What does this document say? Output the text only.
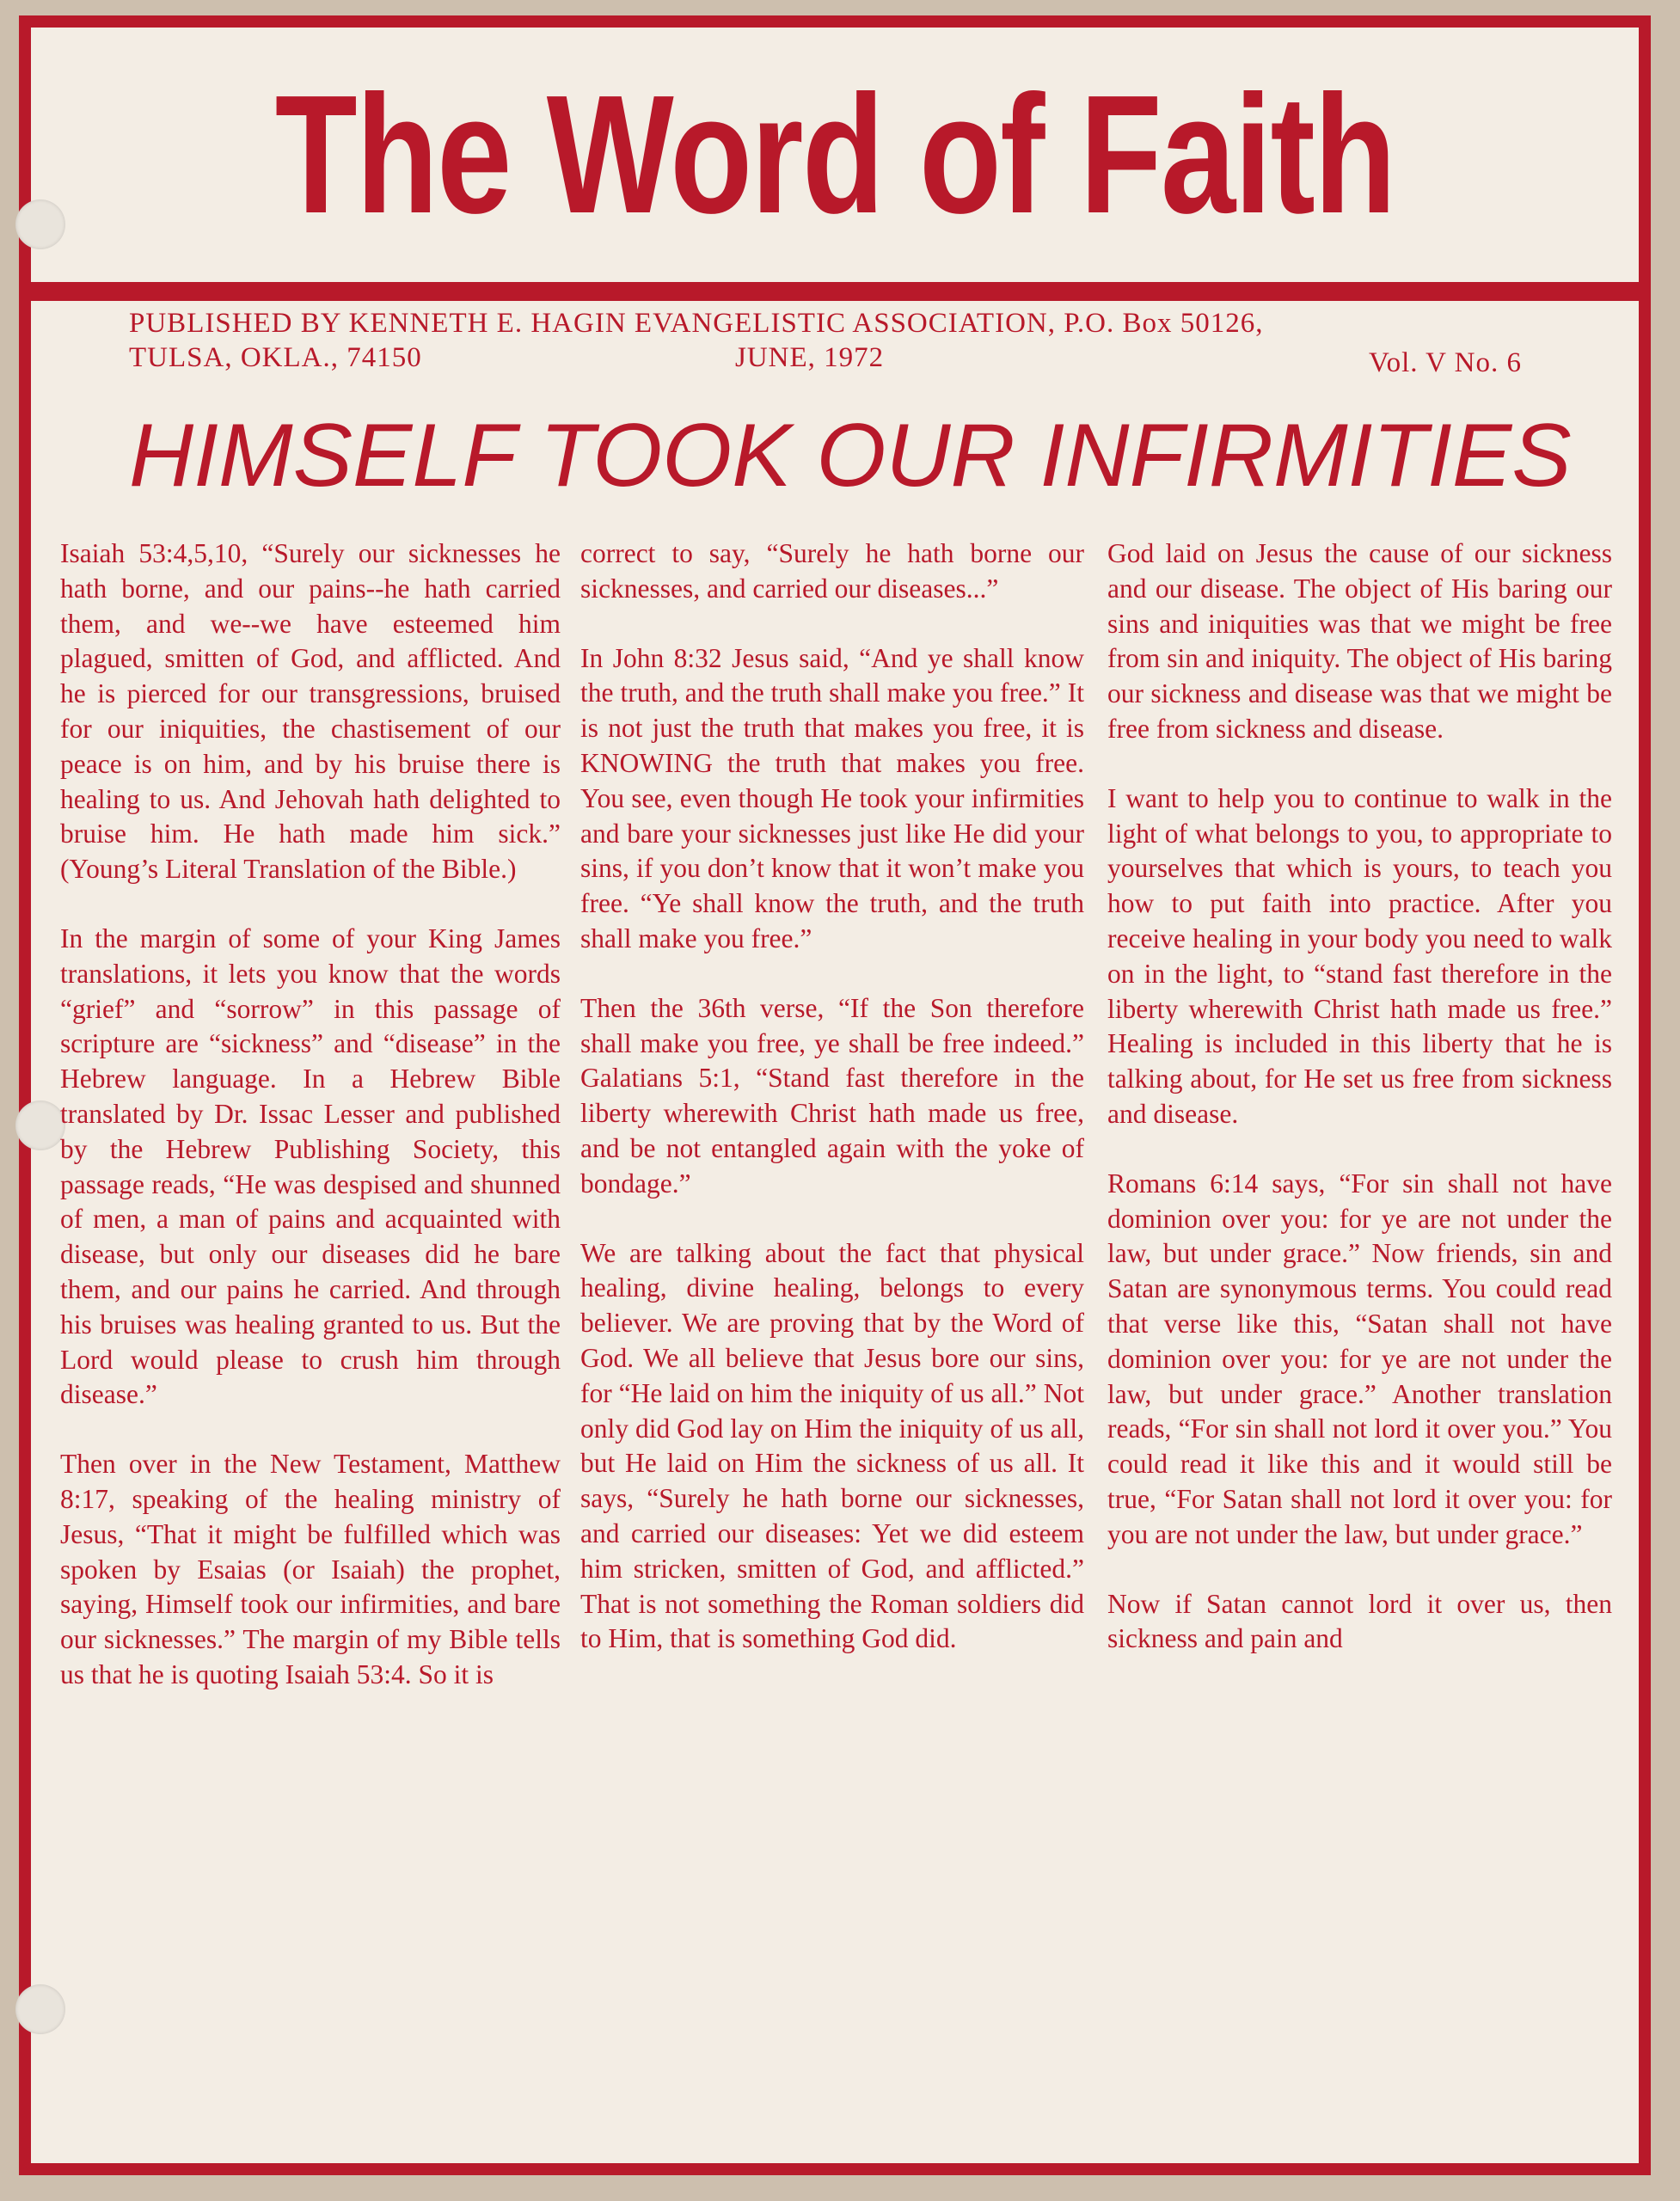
The Word of Faith
PUBLISHED BY KENNETH E. HAGIN EVANGELISTIC ASSOCIATION, P.O. Box 50126,
TULSA, OKLA., 74150	JUNE, 1972	Vol. V No. 6
HIMSELF TOOK OUR INFIRMITIES

Isaiah 53:4,5,10, “Surely our sicknesses he hath borne, and our pains--he hath carried them, and we--we have esteemed him plagued, smitten of God, and afflicted. And he is pierced for our transgressions, bruised for our iniquities, the chastisement of our peace is on him, and by his bruise there is healing to us. And Jehovah hath delighted to bruise him. He hath made him sick.” (Young’s Literal Translation of the Bible.)

In the margin of some of your King James translations, it lets you know that the words “grief” and “sorrow” in this passage of scripture are “sickness” and “disease” in the Hebrew language. In a Hebrew Bible translated by Dr. Issac Lesser and published by the Hebrew Publishing Society, this passage reads, “He was despised and shunned of men, a man of pains and acquainted with disease, but only our diseases did he bare them, and our pains he carried. And through his bruises was healing granted to us. But the Lord would please to crush him through disease.”

Then over in the New Testament, Matthew 8:17, speaking of the healing ministry of Jesus, “That it might be fulfilled which was spoken by Esaias (or Isaiah) the prophet, saying, Himself took our infirmities, and bare our sicknesses.” The margin of my Bible tells us that he is quoting Isaiah 53:4. So it is

correct to say, “Surely he hath borne our sicknesses, and carried our diseases...”

In John 8:32 Jesus said, “And ye shall know the truth, and the truth shall make you free.” It is not just the truth that makes you free, it is KNOWING the truth that makes you free. You see, even though He took your infirmities and bare your sicknesses just like He did your sins, if you don’t know that it won’t make you free. “Ye shall know the truth, and the truth shall make you free.”

Then the 36th verse, “If the Son therefore shall make you free, ye shall be free indeed.” Galatians 5:1, “Stand fast therefore in the liberty wherewith Christ hath made us free, and be not entangled again with the yoke of bondage.”

We are talking about the fact that physical healing, divine healing, belongs to every believer. We are proving that by the Word of God. We all believe that Jesus bore our sins, for “He laid on him the iniquity of us all.” Not only did God lay on Him the iniquity of us all, but He laid on Him the sickness of us all. It says, “Surely he hath borne our sicknesses, and carried our diseases: Yet we did esteem him stricken, smitten of God, and afflicted.” That is not something the Roman soldiers did to Him, that is something God did.

God laid on Jesus the cause of our sickness and our disease. The object of His baring our sins and iniquities was that we might be free from sin and iniquity. The object of His baring our sickness and disease was that we might be free from sickness and disease.

I want to help you to continue to walk in the light of what belongs to you, to appropriate to yourselves that which is yours, to teach you how to put faith into practice. After you receive healing in your body you need to walk on in the light, to “stand fast therefore in the liberty wherewith Christ hath made us free.” Healing is included in this liberty that he is talking about, for He set us free from sickness and disease.

Romans 6:14 says, “For sin shall not have dominion over you: for ye are not under the law, but under grace.” Now friends, sin and Satan are synonymous terms. You could read that verse like this, “Satan shall not have dominion over you: for ye are not under the law, but under grace.” Another translation reads, “For sin shall not lord it over you.” You could read it like this and it would still be true, “For Satan shall not lord it over you: for you are not under the law, but under grace.”

Now if Satan cannot lord it over us, then sickness and pain and
